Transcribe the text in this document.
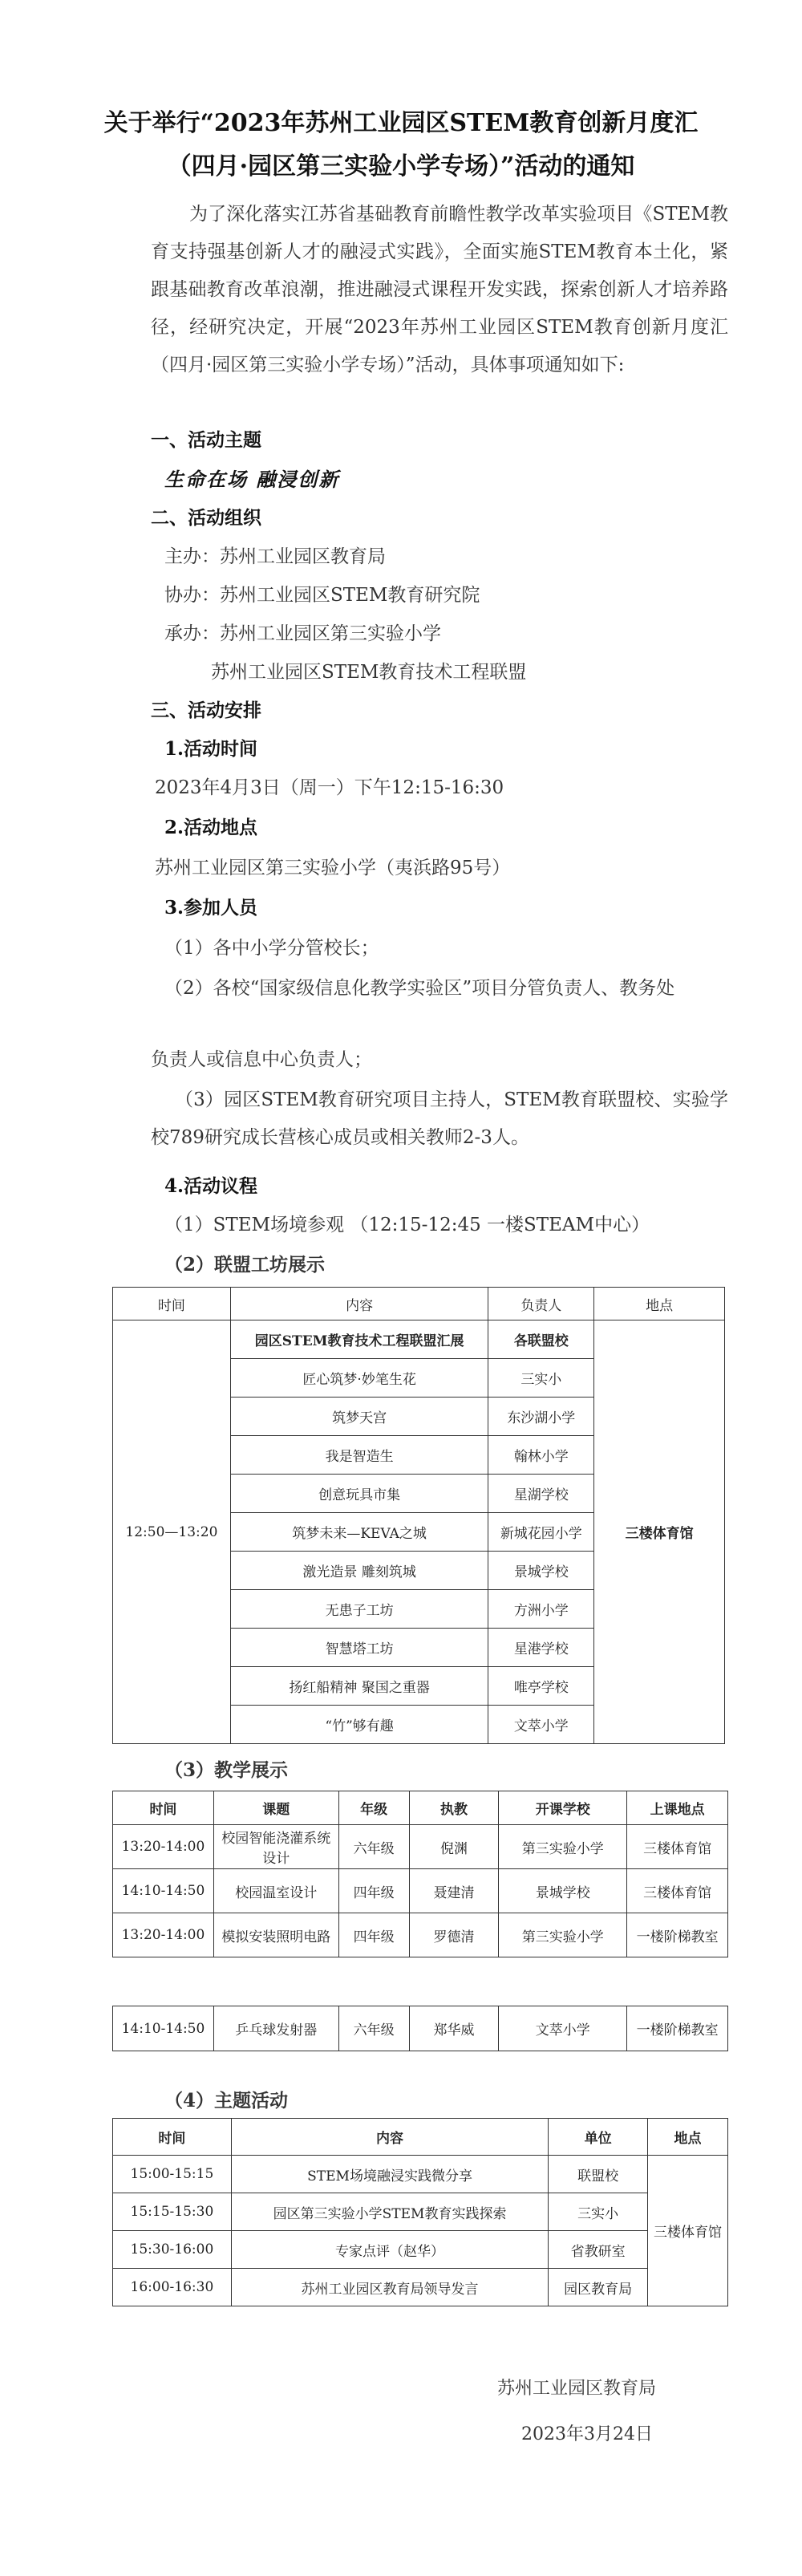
关于举行“2023年苏州工业园区STEM教育创新月度汇
（四月·园区第三实验小学专场）”活动的通知
为了深化落实江苏省基础教育前瞻性教学改革实验项目《STEM教育支持强基创新人才的融浸式实践》，全面实施STEM教育本土化，紧跟基础教育改革浪潮，推进融浸式课程开发实践，探索创新人才培养路径，经研究决定，开展“2023年苏州工业园区STEM教育创新月度汇（四月·园区第三实验小学专场）”活动，具体事项通知如下:
一、活动主题
生命在场 融浸创新
二、活动组织
主办：苏州工业园区教育局
协办：苏州工业园区STEM教育研究院
承办：苏州工业园区第三实验小学
苏州工业园区STEM教育技术工程联盟
三、活动安排
1.活动时间
2023年4月3日（周一）下午12:15-16:30
2.活动地点
苏州工业园区第三实验小学（夷浜路95号）
3.参加人员
（1）各中小学分管校长；
（2）各校“国家级信息化教学实验区”项目分管负责人、教务处
负责人或信息中心负责人；
（3）园区STEM教育研究项目主持人，STEM教育联盟校、实验学校789研究成长营核心成员或相关教师2-3人。
4.活动议程
（1）STEM场境参观 （12:15-12:45 一楼STEAM中心）
（2）联盟工坊展示
时间	内容	负责人	地点
12:50—13:20	园区STEM教育技术工程联盟汇展	各联盟校	三楼体育馆
	匠心筑梦·妙笔生花	三实小	
	筑梦天宫	东沙湖小学	
	我是智造生	翰林小学	
	创意玩具市集	星湖学校	
	筑梦未来—KEVA之城	新城花园小学	
	激光造景 雕刻筑城	景城学校	
	无患子工坊	方洲小学	
	智慧塔工坊	星港学校	
	扬红船精神 聚国之重器	唯亭学校	
	“竹”够有趣	文萃小学	
（3）教学展示
时间	课题	年级	执教	开课学校	上课地点
13:20-14:00	校园智能浇灌系统设计	六年级	倪渊	第三实验小学	三楼体育馆
14:10-14:50	校园温室设计	四年级	聂建清	景城学校	三楼体育馆
13:20-14:00	模拟安装照明电路	四年级	罗德清	第三实验小学	一楼阶梯教室
14:10-14:50	乒乓球发射器	六年级	郑华威	文萃小学	一楼阶梯教室
（4）主题活动
时间	内容	单位	地点
15:00-15:15	STEM场境融浸实践微分享	联盟校	三楼体育馆
15:15-15:30	园区第三实验小学STEM教育实践探索	三实小	
15:30-16:00	专家点评（赵华）	省教研室	
16:00-16:30	苏州工业园区教育局领导发言	园区教育局	
苏州工业园区教育局
2023年3月24日
